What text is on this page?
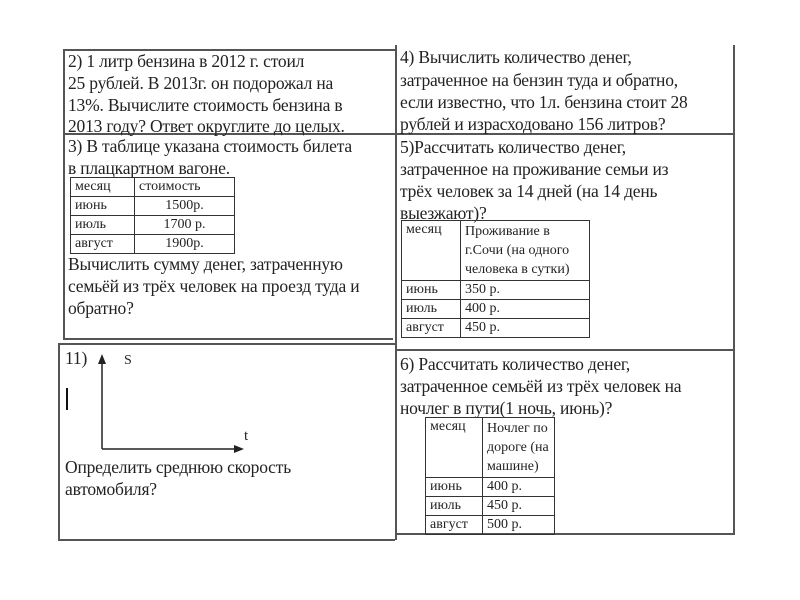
2) 1 литр бензина в 2012 г. стоил
25 рублей. В 2013г. он подорожал на
13%. Вычислите стоимость бензина в
2013 году? Ответ округлите до целых.
3) В таблице указана стоимость билета
в плацкартном вагоне.
месяц	стоимость
июнь	1500р.
июль	1700 р.
август	1900р.
Вычислить сумму денег, затраченную
семьёй из трёх человек на проезд туда и
обратно?
4) Вычислить количество денег,
затраченное на бензин туда и обратно,
если известно, что 1л. бензина стоит 28
рублей и израсходовано 156 литров?
5)Рассчитать количество денег,
затраченное на проживание семьи из
трёх человек за 14 дней (на 14 день
выезжают)?
месяц	Проживание в г.Сочи (на одного человека в сутки)
июнь	350 р.
июль	400 р.
август	450 р.
6) Рассчитать количество денег,
затраченное семьёй из трёх человек на
ночлег в пути(1 ночь, июнь)?
месяц	Ночлег по дороге (на машине)
июнь	400 р.
июль	450 р.
август	500 р.
11)	S
t
Определить среднюю скорость
автомобиля?
